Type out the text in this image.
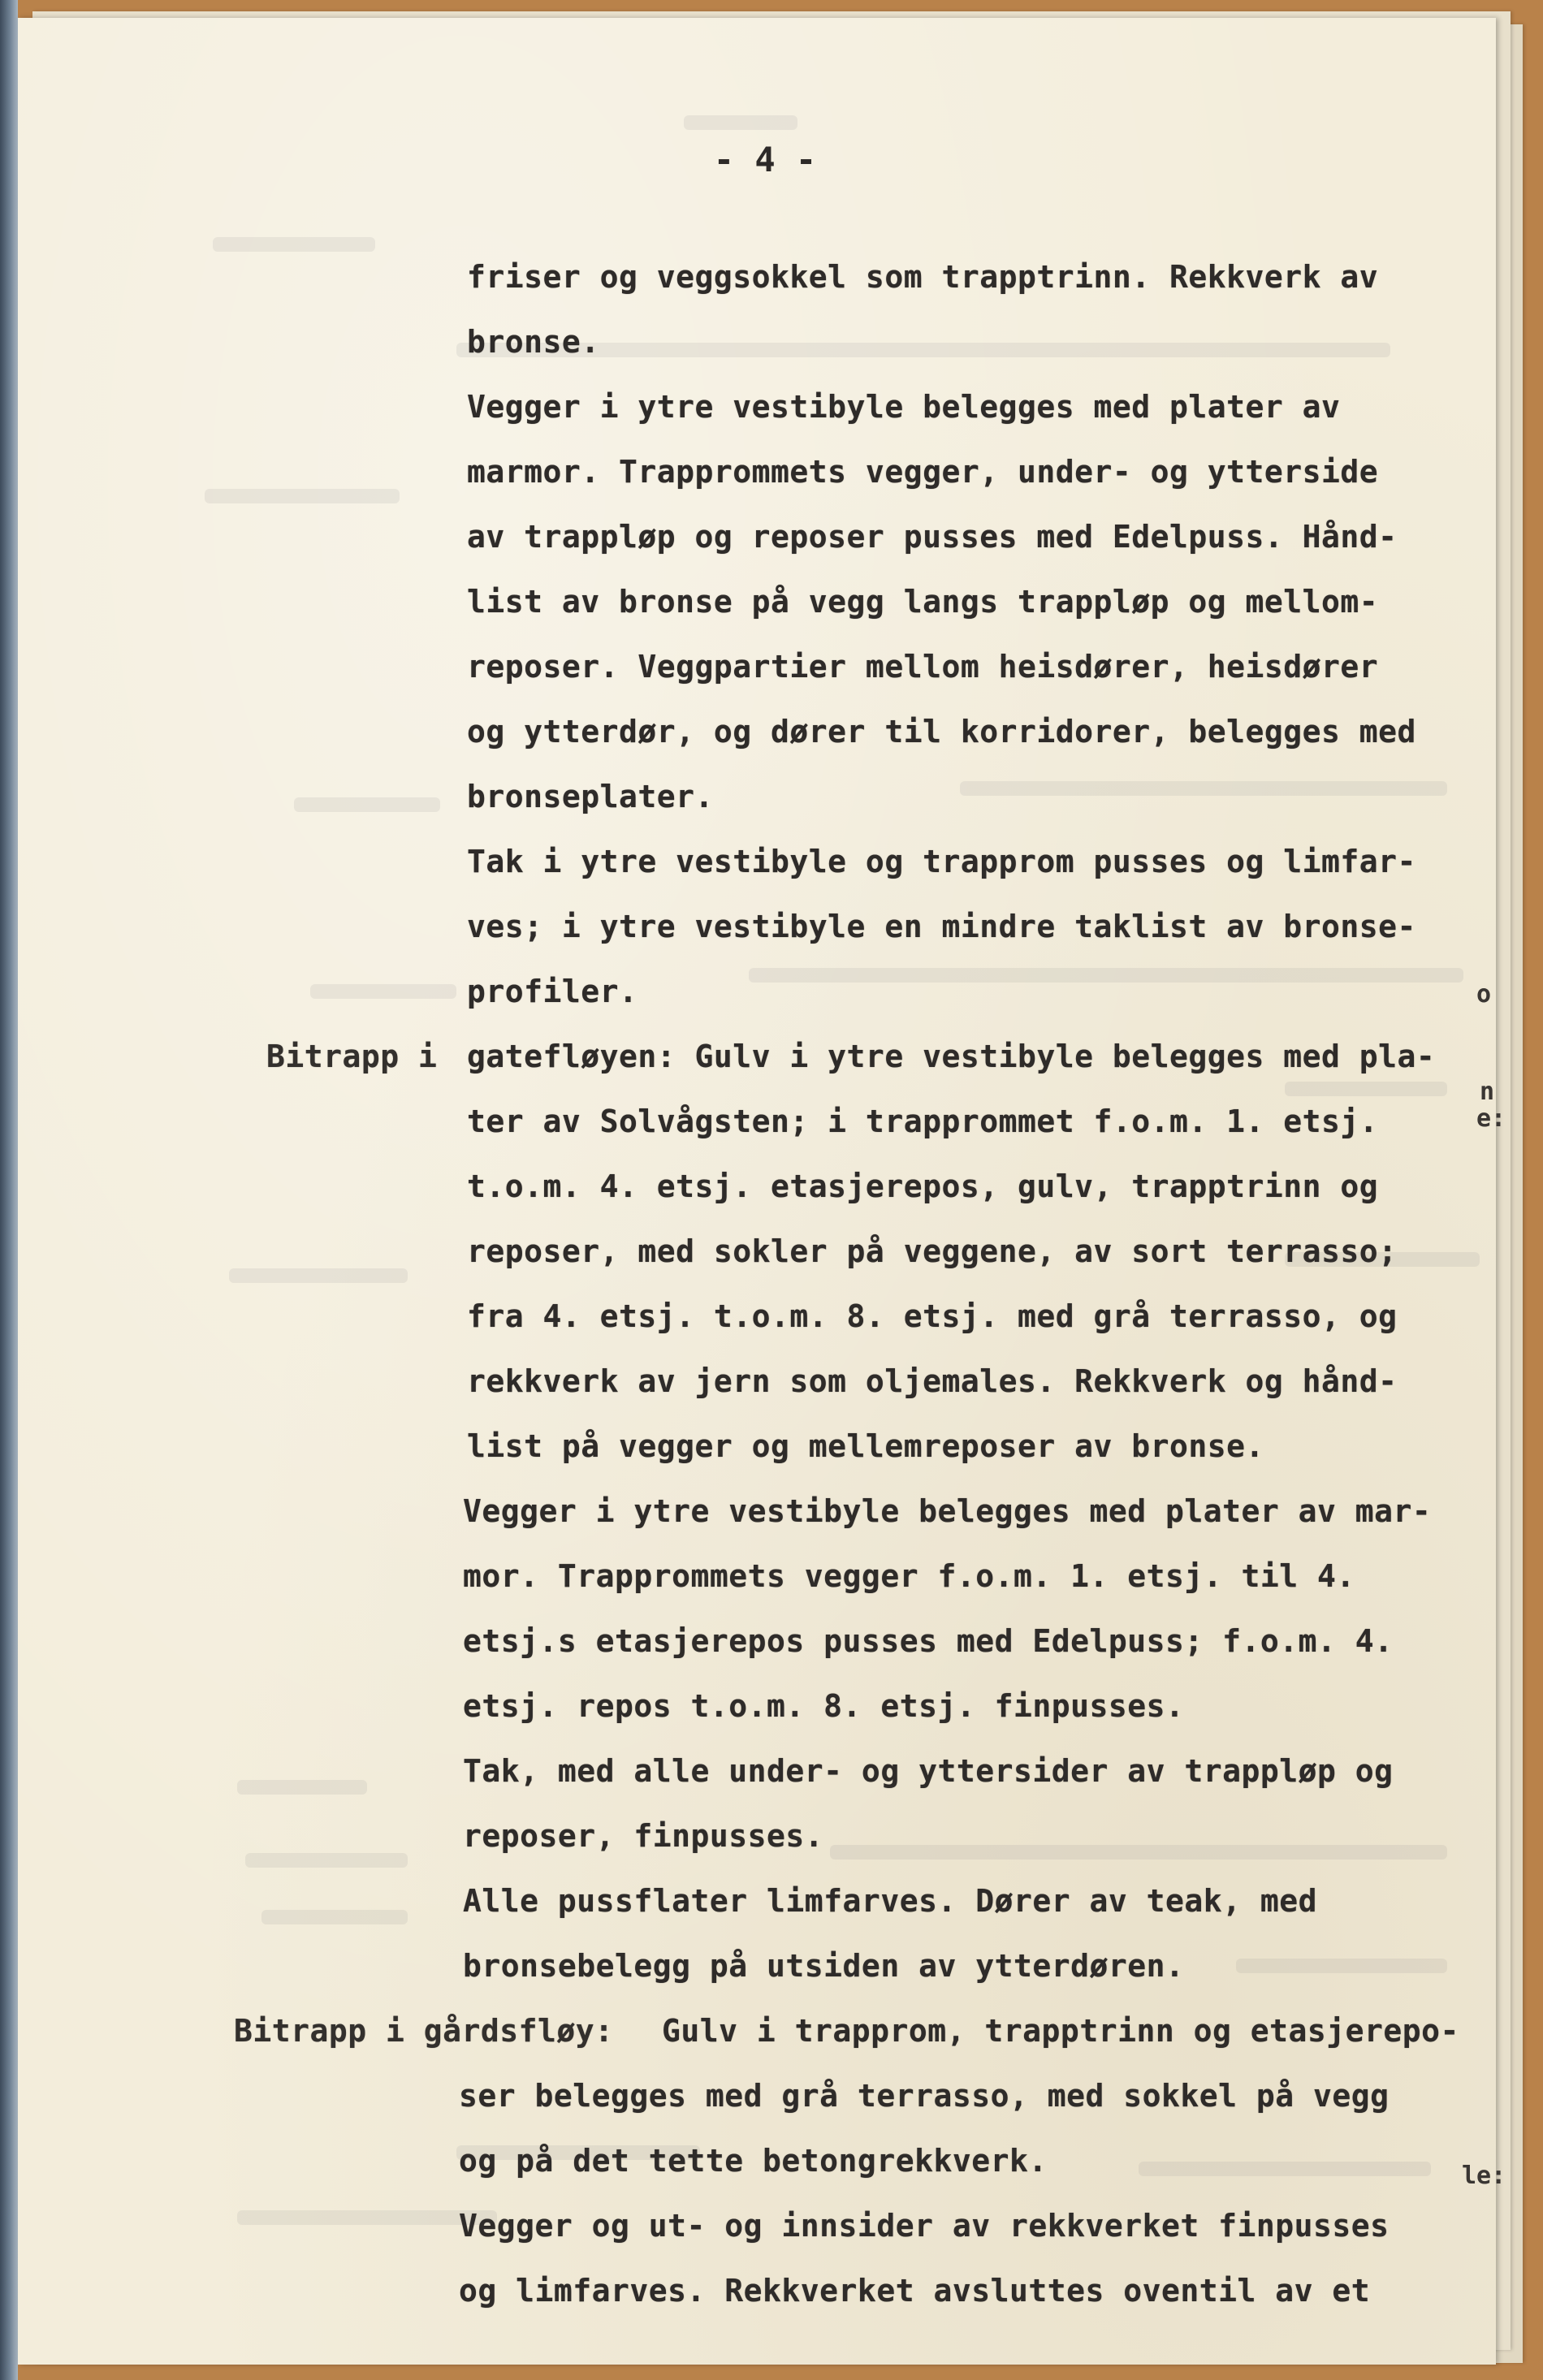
- 4 -
friser og veggsokkel som trapptrinn. Rekkverk av
bronse.
Vegger i ytre vestibyle belegges med plater av
marmor. Trapprommets vegger, under- og ytterside
av trappløp og reposer pusses med Edelpuss. Hånd-
list av bronse på vegg langs trappløp og mellom-
reposer. Veggpartier mellom heisdører, heisdører
og ytterdør, og dører til korridorer, belegges med
bronseplater.
Tak i ytre vestibyle og trapprom pusses og limfar-
ves; i ytre vestibyle en mindre taklist av bronse-
profiler.
Bitrapp i gatefløyen: Gulv i ytre vestibyle belegges med pla-
ter av Solvågsten; i trapprommet f.o.m. 1. etsj.
t.o.m. 4. etsj. etasjerepos, gulv, trapptrinn og
reposer, med sokler på veggene, av sort terrasso;
fra 4. etsj. t.o.m. 8. etsj. med grå terrasso, og
rekkverk av jern som oljemales. Rekkverk og hånd-
list på vegger og mellemreposer av bronse.
Vegger i ytre vestibyle belegges med plater av mar-
mor. Trapprommets vegger f.o.m. 1. etsj. til 4.
etsj.s etasjerepos pusses med Edelpuss; f.o.m. 4.
etsj. repos t.o.m. 8. etsj. finpusses.
Tak, med alle under- og yttersider av trappløp og
reposer, finpusses.
Alle pussflater limfarves. Dører av teak, med
bronsebelegg på utsiden av ytterdøren.
Bitrapp i gårdsfløy: Gulv i trapprom, trapptrinn og etasjerepo-
ser belegges med grå terrasso, med sokkel på vegg
og på det tette betongrekkverk.
Vegger og ut- og innsider av rekkverket finpusses
og limfarves. Rekkverket avsluttes oventil av et
o
n
e:
le:
